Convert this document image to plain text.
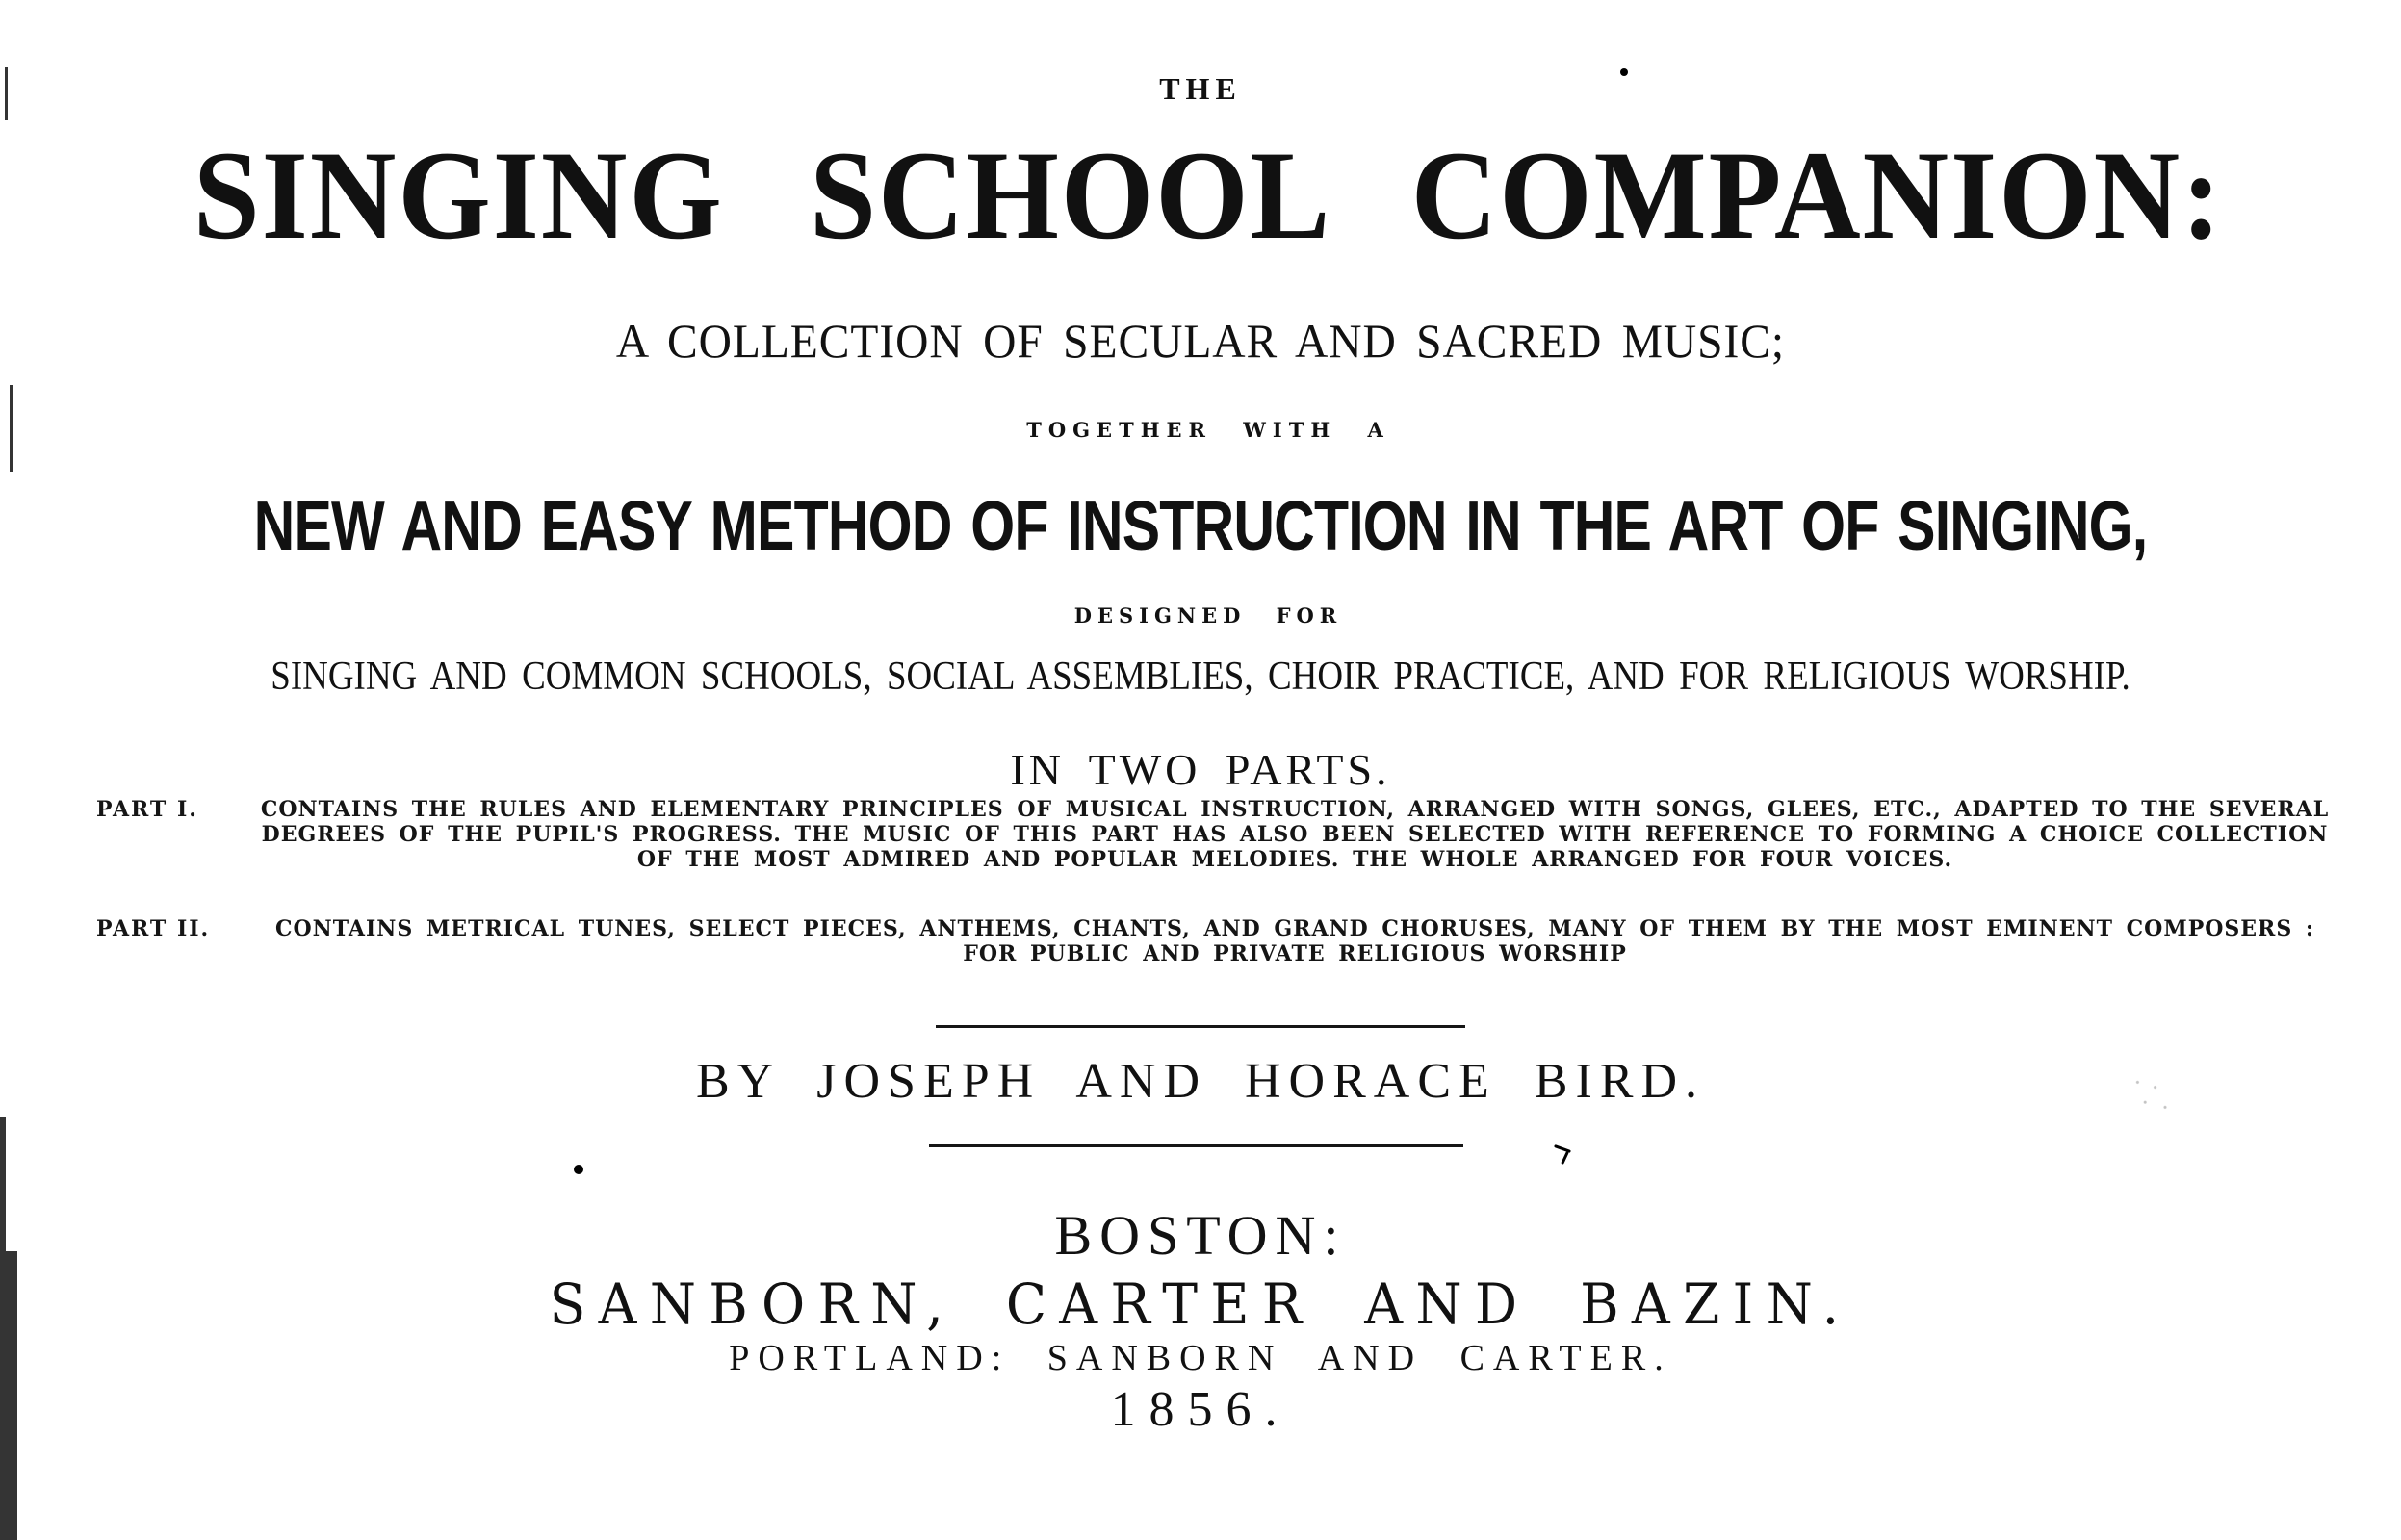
THE
SINGING SCHOOL COMPANION:
A COLLECTION OF SECULAR AND SACRED MUSIC;
TOGETHER WITH A
NEW AND EASY METHOD OF INSTRUCTION IN THE ART OF SINGING,
DESIGNED FOR
SINGING AND COMMON SCHOOLS, SOCIAL ASSEMBLIES, CHOIR PRACTICE, AND FOR RELIGIOUS WORSHIP.
IN TWO PARTS.
PART I.	CONTAINS THE RULES AND ELEMENTARY PRINCIPLES OF MUSICAL INSTRUCTION, ARRANGED WITH SONGS, GLEES, ETC., ADAPTED TO THE SEVERAL DEGREES OF THE PUPIL'S PROGRESS. THE MUSIC OF THIS PART HAS ALSO BEEN SELECTED WITH REFERENCE TO FORMING A CHOICE COLLECTION OF THE MOST ADMIRED AND POPULAR MELODIES. THE WHOLE ARRANGED FOR FOUR VOICES.
PART II.	CONTAINS METRICAL TUNES, SELECT PIECES, ANTHEMS, CHANTS, AND GRAND CHORUSES, MANY OF THEM BY THE MOST EMINENT COMPOSERS : FOR PUBLIC AND PRIVATE RELIGIOUS WORSHIP
BY JOSEPH AND HORACE BIRD.
BOSTON:
SANBORN, CARTER AND BAZIN.
PORTLAND: SANBORN AND CARTER.
1856.
